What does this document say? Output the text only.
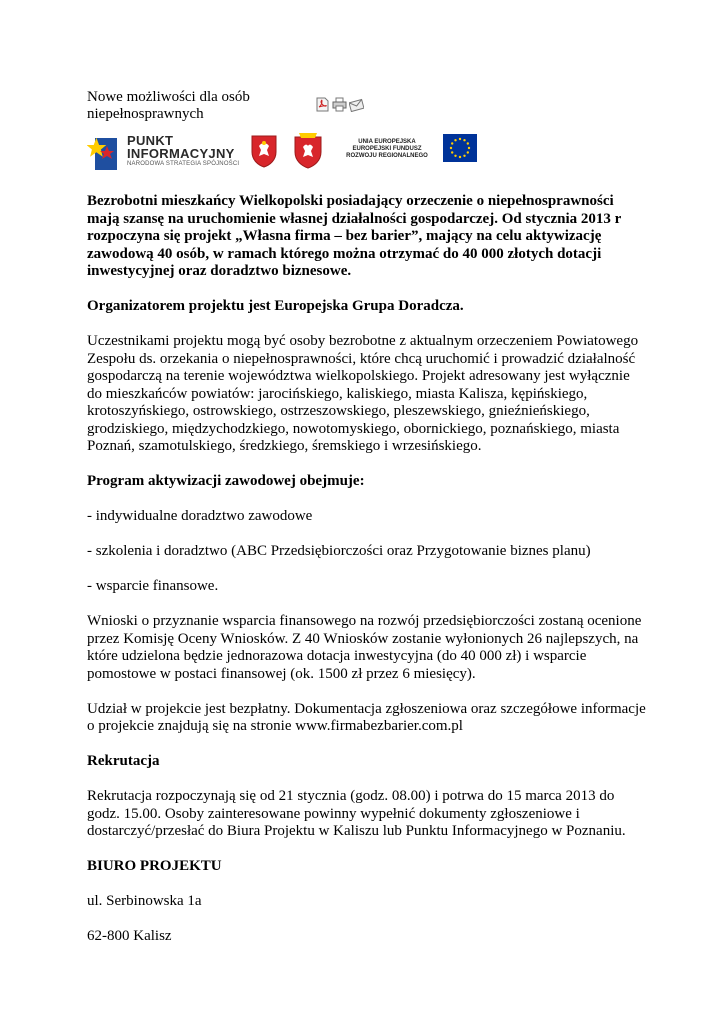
Nowe możliwości dla osób niepełnosprawnych
PUNKT
INFORMACYJNY
NARODOWA STRATEGIA SPÓJNOŚCI
UNIA EUROPEJSKA
EUROPEJSKI FUNDUSZ
ROZWOJU REGIONALNEGO

Bezrobotni mieszkańcy Wielkopolski posiadający orzeczenie o niepełnosprawności mają szansę na uruchomienie własnej działalności gospodarczej. Od stycznia 2013 r rozpoczyna się projekt „Własna firma – bez barier”, mający na celu aktywizację zawodową 40 osób, w ramach którego można otrzymać do 40 000 złotych dotacji inwestycyjnej oraz doradztwo biznesowe.

Organizatorem projektu jest Europejska Grupa Doradcza.

Uczestnikami projektu mogą być osoby bezrobotne z aktualnym orzeczeniem Powiatowego Zespołu ds. orzekania o niepełnosprawności, które chcą uruchomić i prowadzić działalność gospodarczą na terenie województwa wielkopolskiego. Projekt adresowany jest wyłącznie do mieszkańców powiatów: jarocińskiego, kaliskiego, miasta Kalisza, kępińskiego, krotoszyńskiego, ostrowskiego, ostrzeszowskiego, pleszewskiego, gnieźnieńskiego, grodziskiego, międzychodzkiego, nowotomyskiego, obornickiego, poznańskiego, miasta Poznań, szamotulskiego, średzkiego, śremskiego i wrzesińskiego.

Program aktywizacji zawodowej obejmuje:

- indywidualne doradztwo zawodowe

- szkolenia i doradztwo (ABC Przedsiębiorczości oraz Przygotowanie biznes planu)

- wsparcie finansowe.

Wnioski o przyznanie wsparcia finansowego na rozwój przedsiębiorczości zostaną ocenione przez Komisję Oceny Wniosków. Z 40 Wniosków zostanie wyłonionych 26 najlepszych, na które udzielona będzie jednorazowa dotacja inwestycyjna (do 40 000 zł) i wsparcie pomostowe w postaci finansowej (ok. 1500 zł przez 6 miesięcy).

Udział w projekcie jest bezpłatny. Dokumentacja zgłoszeniowa oraz szczegółowe informacje o projekcie znajdują się na stronie www.firmabezbarier.com.pl

Rekrutacja

Rekrutacja rozpoczynają się od 21 stycznia (godz. 08.00) i potrwa do 15 marca 2013 do godz. 15.00. Osoby zainteresowane powinny wypełnić dokumenty zgłoszeniowe i dostarczyć/przesłać do Biura Projektu w Kaliszu lub Punktu Informacyjnego w Poznaniu.

BIURO PROJEKTU

ul. Serbinowska 1a

62-800 Kalisz
